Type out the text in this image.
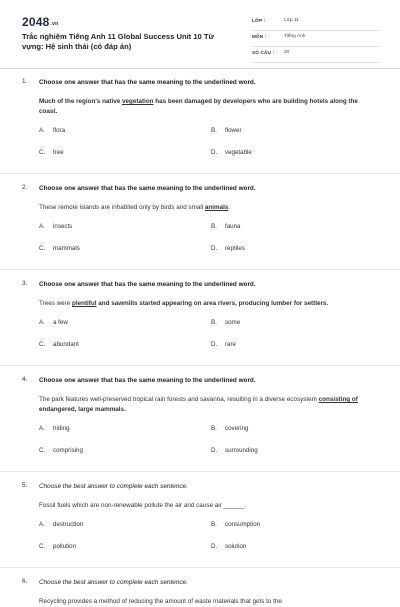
2048.vn
Trắc nghiệm Tiếng Anh 11 Global Success Unit 10 Từ vựng: Hệ sinh thái (có đáp án)
LỚP :	Lớp 11
MÔN :	Tiếng Anh
SỐ CÂU : 20
1. Choose one answer that has the same meaning to the underlined word.
Much of the region's native vegetation has been damaged by developers who are building hotels along the coast.
A. flora	B. flower
C. tree	D. vegetable
2. Choose one answer that has the same meaning to the underlined word.
These remote islands are inhabited only by birds and small animals.
A. insects	B. fauna
C. mammals	D. reptiles
3. Choose one answer that has the same meaning to the underlined word.
Trees were plentiful and sawmills started appearing on area rivers, producing lumber for settlers.
A. a few	B. some
C. abundant	D. rare
4. Choose one answer that has the same meaning to the underlined word.
The park features well-preserved tropical rain forests and savanna, resulting in a diverse ecosystem consisting of endangered, large mammals.
A. hiding	B. covering
C. comprising	D. surrounding
5. Choose the best answer to complete each sentence.
Fossil fuels which are non-renewable pollute the air and cause air ______.
A. destruction	B. consumption
C. pollution	D. solution
6. Choose the best answer to complete each sentence.
Recycling provides a method of reducing the amount of waste materials that gets to the
